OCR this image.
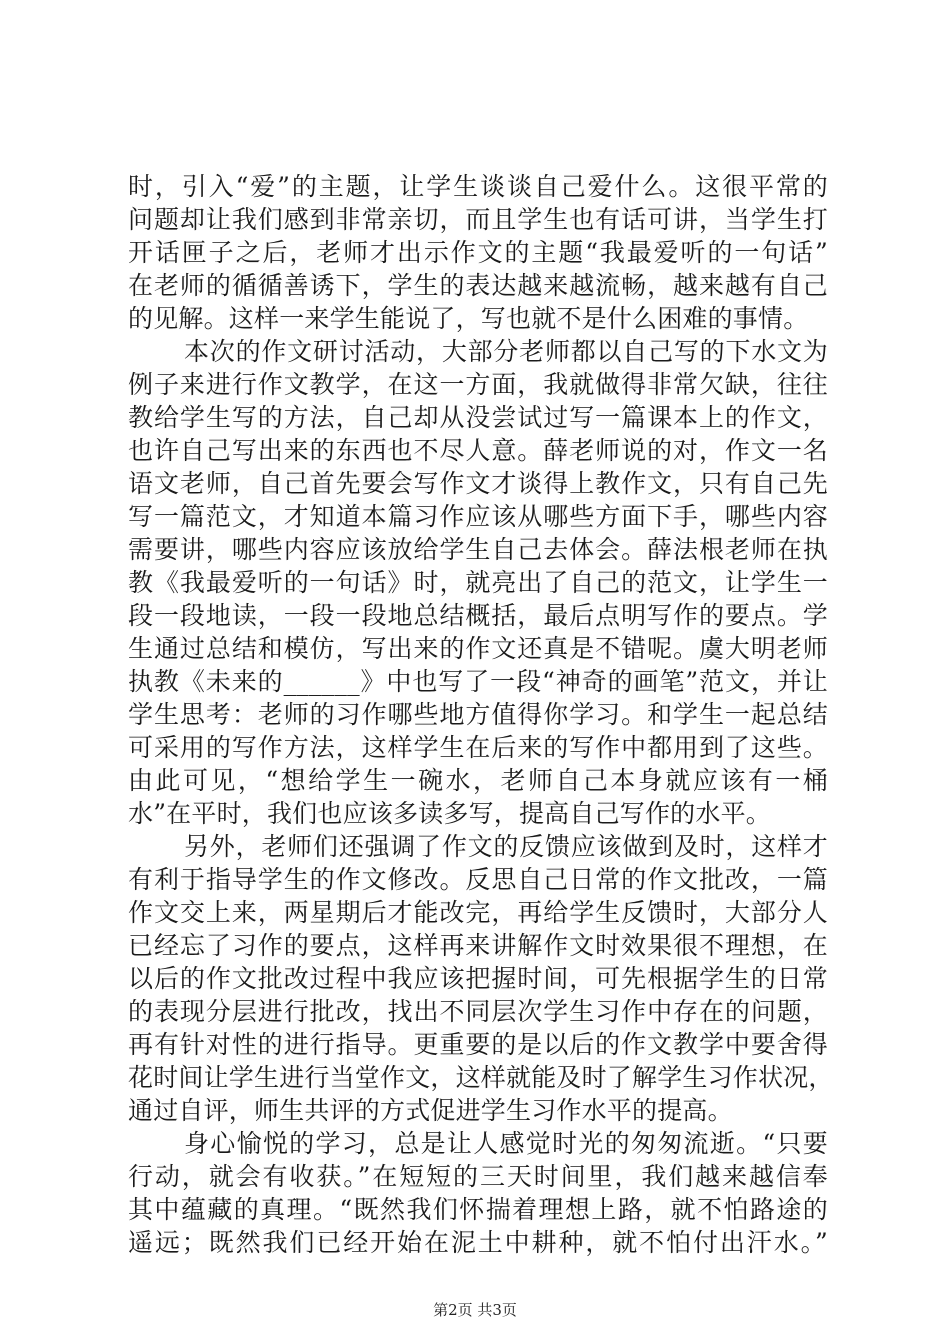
时，引入“爱”的主题，让学生谈谈自己爱什么。这很平常的
问题却让我们感到非常亲切，而且学生也有话可讲，当学生打
开话匣子之后，老师才出示作文的主题“我最爱听的一句话”
在老师的循循善诱下，学生的表达越来越流畅，越来越有自己
的见解。这样一来学生能说了，写也就不是什么困难的事情。
本次的作文研讨活动，大部分老师都以自己写的下水文为
例子来进行作文教学，在这一方面，我就做得非常欠缺，往往
教给学生写的方法，自己却从没尝试过写一篇课本上的作文，
也许自己写出来的东西也不尽人意。薛老师说的对，作文一名
语文老师，自己首先要会写作文才谈得上教作文，只有自己先
写一篇范文，才知道本篇习作应该从哪些方面下手，哪些内容
需要讲，哪些内容应该放给学生自己去体会。薛法根老师在执
教《我最爱听的一句话》时，就亮出了自己的范文，让学生一
段一段地读，一段一段地总结概括，最后点明写作的要点。学
生通过总结和模仿，写出来的作文还真是不错呢。虞大明老师
执教《未来的______》中也写了一段“神奇的画笔”范文，并让
学生思考：老师的习作哪些地方值得你学习。和学生一起总结
可采用的写作方法，这样学生在后来的写作中都用到了这些。
由此可见，“想给学生一碗水，老师自己本身就应该有一桶
水”在平时，我们也应该多读多写，提高自己写作的水平。
另外，老师们还强调了作文的反馈应该做到及时，这样才
有利于指导学生的作文修改。反思自己日常的作文批改，一篇
作文交上来，两星期后才能改完，再给学生反馈时，大部分人
已经忘了习作的要点，这样再来讲解作文时效果很不理想，在
以后的作文批改过程中我应该把握时间，可先根据学生的日常
的表现分层进行批改，找出不同层次学生习作中存在的问题，
再有针对性的进行指导。更重要的是以后的作文教学中要舍得
花时间让学生进行当堂作文，这样就能及时了解学生习作状况，
通过自评，师生共评的方式促进学生习作水平的提高。
身心愉悦的学习，总是让人感觉时光的匆匆流逝。“只要
行动，就会有收获。”在短短的三天时间里，我们越来越信奉
其中蕴藏的真理。“既然我们怀揣着理想上路，就不怕路途的
遥远；既然我们已经开始在泥土中耕种，就不怕付出汗水。”
第2页 共3页
